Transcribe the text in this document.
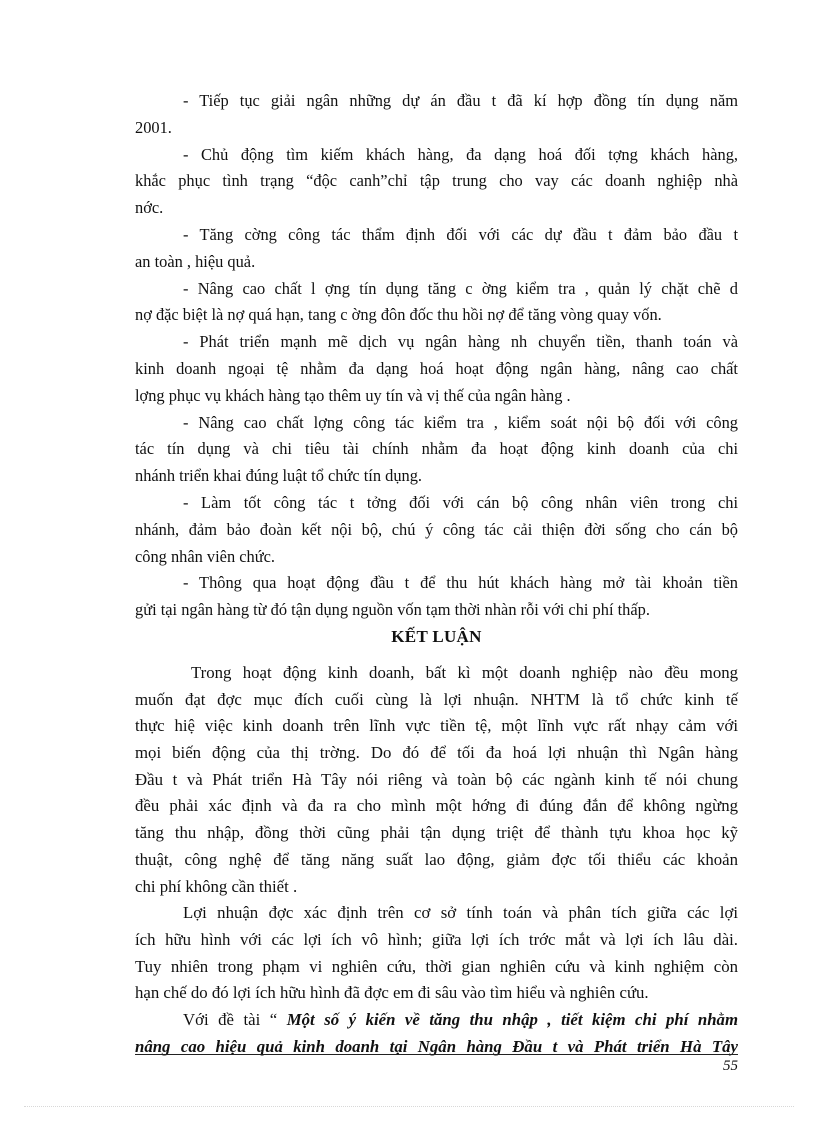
- Tiếp tục giải ngân những dự án đầu t đã kí hợp đồng tín dụng năm

2001.

- Chủ động tìm kiếm khách hàng, đa dạng hoá đối tợng khách hàng,

khắc phục tình trạng “độc canh”chỉ tập trung cho vay các doanh nghiệp nhà

nớc.

- Tăng cờng công tác thẩm định đối với các dự đầu t đảm bảo đầu t

an toàn , hiệu quả.

- Nâng cao chất l ợng tín dụng tăng c ờng kiểm tra , quản lý chặt chẽ d

nợ đặc biệt là nợ quá hạn, tang c ờng đôn đốc thu hồi nợ để tăng vòng quay vốn.

- Phát triển mạnh mẽ dịch vụ ngân hàng nh chuyển tiền, thanh toán và

kinh doanh ngoại tệ nhằm đa dạng hoá hoạt động ngân hàng, nâng cao chất

lợng phục vụ khách hàng tạo thêm uy tín và vị thế của ngân hàng .

- Nâng cao chất lợng công tác kiểm tra , kiểm soát nội bộ đối với công

tác tín dụng và chi tiêu tài chính nhằm đa hoạt động kinh doanh của chi

nhánh triển khai đúng luật tổ chức tín dụng.

- Làm tốt công tác t tởng đối với cán bộ công nhân viên trong chi

nhánh, đảm bảo đoàn kết nội bộ, chú ý công tác cải thiện đời sống cho cán bộ

công nhân viên chức.

- Thông qua hoạt động đầu t để thu hút khách hàng mở tài khoản tiền

gửi tại ngân hàng từ đó tận dụng nguồn vốn tạm thời nhàn rỗi với chi phí thấp.

KẾT LUẬN

Trong hoạt động kinh doanh, bất kì một doanh nghiệp nào đều mong

muốn đạt đợc mục đích cuối cùng là lợi nhuận. NHTM là tổ chức kinh tế

thực hiệ việc kinh doanh trên lĩnh vực tiền tệ, một lĩnh vực rất nhạy cảm với

mọi biến động của thị trờng. Do đó để tối đa hoá lợi nhuận thì Ngân hàng

Đầu t và Phát triển Hà Tây nói riêng và toàn bộ các ngành kinh tế nói chung

đều phải xác định và đa ra cho mình một hớng đi đúng đắn để không ngừng

tăng thu nhập, đồng thời cũng phải tận dụng triệt để thành tựu khoa học kỹ

thuật, công nghệ để tăng năng suất lao động, giảm đợc tối thiểu các khoản

chi phí không cần thiết .

Lợi nhuận đợc xác định trên cơ sở tính toán và phân tích giữa các lợi

ích hữu hình với các lợi ích vô hình; giữa lợi ích trớc mắt và lợi ích lâu dài.

Tuy nhiên trong phạm vi nghiên cứu, thời gian nghiên cứu và kinh nghiệm còn

hạn chế do đó lợi ích hữu hình đã đợc em đi sâu vào tìm hiểu và nghiên cứu.

Với đề tài “ Một số ý kiến về tăng thu nhập , tiết kiệm chi phí nhằm

nâng cao hiệu quả kinh doanh tại Ngân hàng Đầu t và Phát triển Hà Tây

55
